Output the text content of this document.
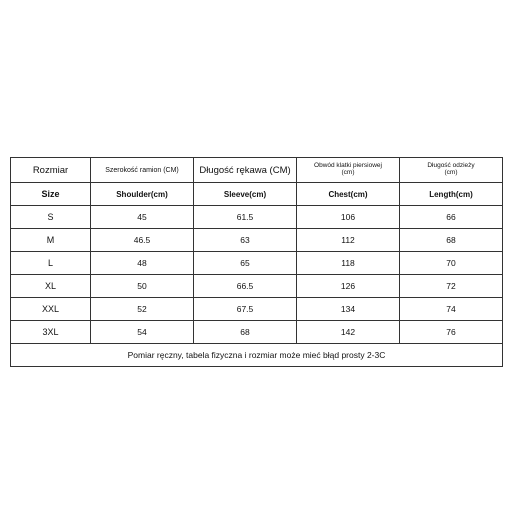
Rozmiar	Szerokość ramion (CM)	Długość rękawa (CM)	Obwód klatki piersiowej (cm)	Długość odzieży (cm)
Size	Shoulder(cm)	Sleeve(cm)	Chest(cm)	Length(cm)
S	45	61.5	106	66
M	46.5	63	112	68
L	48	65	118	70
XL	50	66.5	126	72
XXL	52	67.5	134	74
3XL	54	68	142	76
Pomiar ręczny, tabela fizyczna i rozmiar może mieć błąd prosty 2-3C				
